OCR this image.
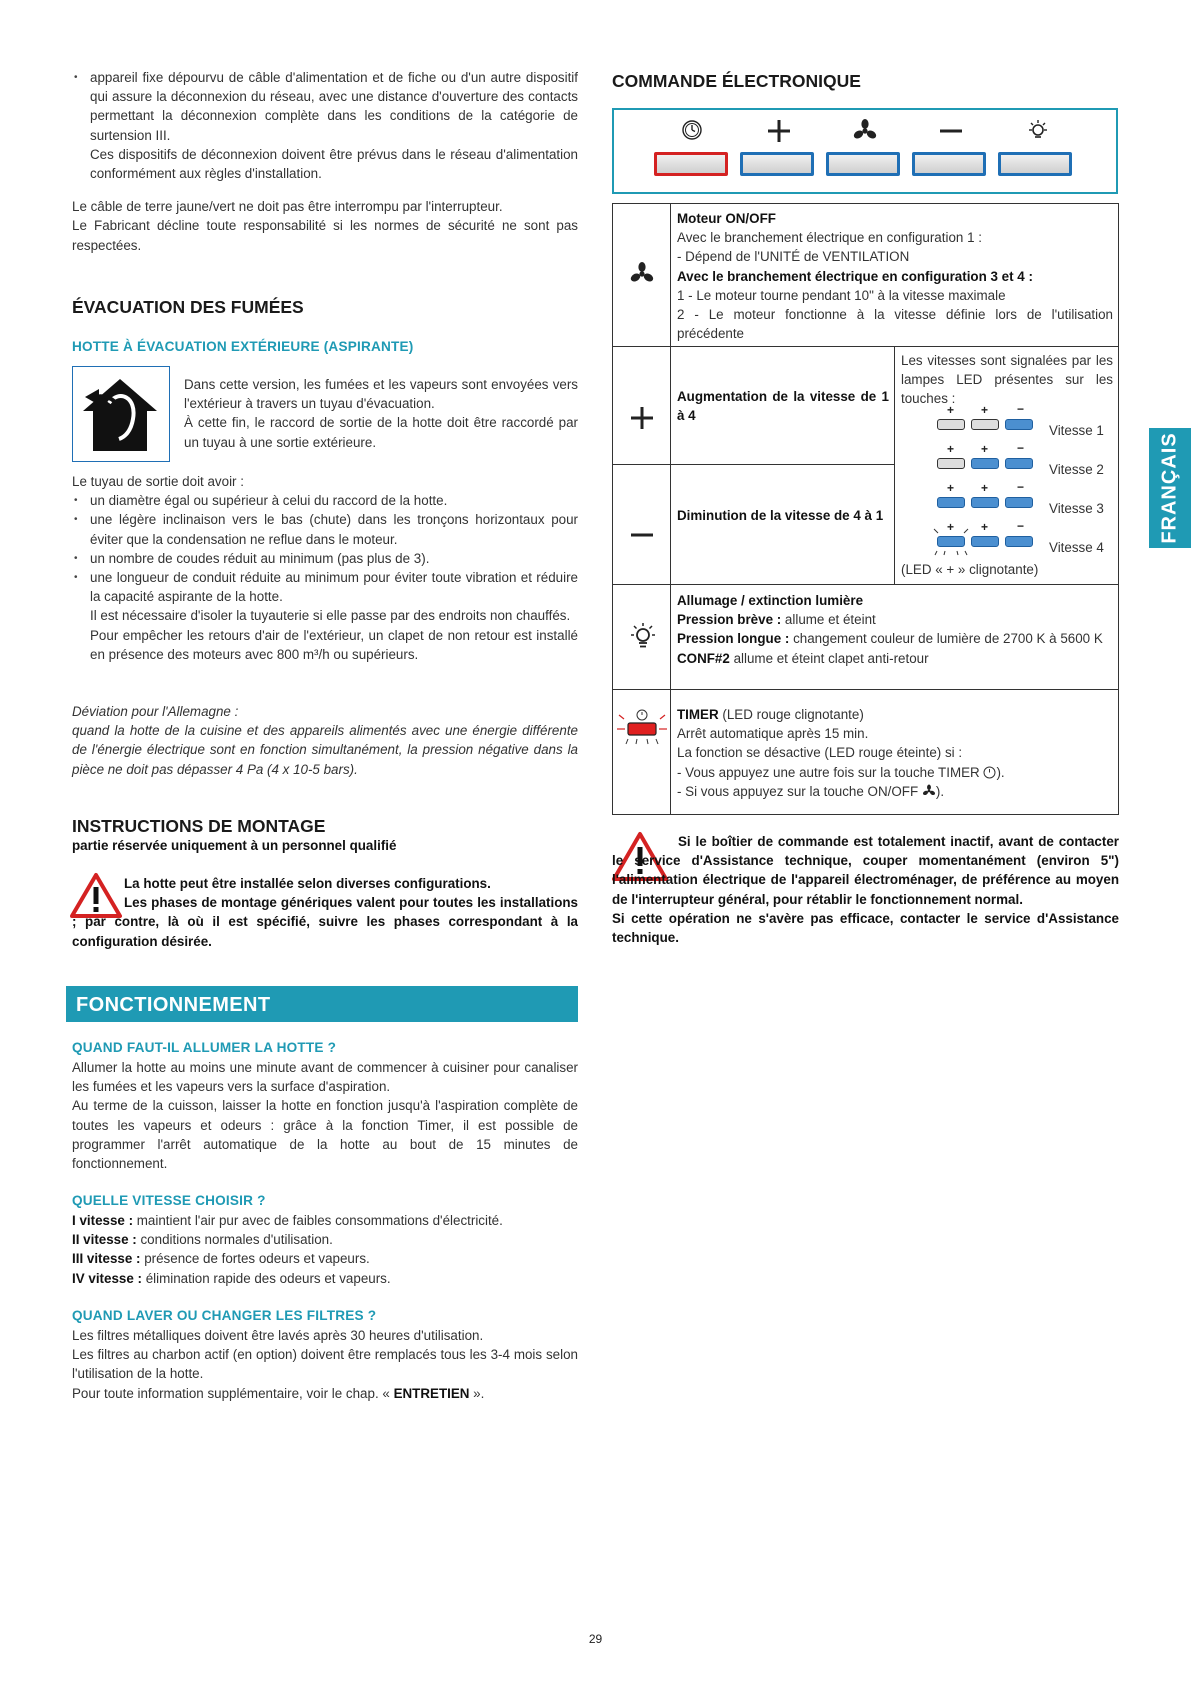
• appareil fixe dépourvu de câble d'alimentation et de fiche ou d'un autre dispositif qui assure la déconnexion du réseau, avec une distance d'ouverture des contacts permettant la déconnexion complète dans les conditions de la catégorie de surtension III.

Ces dispositifs de déconnexion doivent être prévus dans le réseau d'alimentation conformément aux règles d'installation.

Le câble de terre jaune/vert ne doit pas être interrompu par l'interrupteur.

Le Fabricant décline toute responsabilité si les normes de sécurité ne sont pas respectées.

ÉVACUATION DES FUMÉES
HOTTE À ÉVACUATION EXTÉRIEURE (ASPIRANTE)

Dans cette version, les fumées et les vapeurs sont envoyées vers l'extérieur à travers un tuyau d'évacuation.

À cette fin, le raccord de sortie de la hotte doit être raccordé par un tuyau à une sortie extérieure.

Le tuyau de sortie doit avoir :

• un diamètre égal ou supérieur à celui du raccord de la hotte.
• une légère inclinaison vers le bas (chute) dans les tronçons horizontaux pour éviter que la condensation ne reflue dans le moteur.
• un nombre de coudes réduit au minimum (pas plus de 3).
• une longueur de conduit réduite au minimum pour éviter toute vibration et réduire la capacité aspirante de la hotte.

Il est nécessaire d'isoler la tuyauterie si elle passe par des endroits non chauffés.

Pour empêcher les retours d'air de l'extérieur, un clapet de non retour est installé en présence des moteurs avec 800 m³/h ou supérieurs.

Déviation pour l'Allemagne :

quand la hotte de la cuisine et des appareils alimentés avec une énergie différente de l'énergie électrique sont en fonction simultanément, la pression négative dans la pièce ne doit pas dépasser 4 Pa (4 x 10-5 bars).

INSTRUCTIONS DE MONTAGE

partie réservée uniquement à un personnel qualifié

La hotte peut être installée selon diverses configurations.
Les phases de montage génériques valent pour toutes les installations ; par contre, là où il est spécifié, suivre les phases correspondant à la configuration désirée.
FONCTIONNEMENT
QUAND FAUT-IL ALLUMER LA HOTTE ?

Allumer la hotte au moins une minute avant de commencer à cuisiner pour canaliser les fumées et les vapeurs vers la surface d'aspiration.

Au terme de la cuisson, laisser la hotte en fonction jusqu'à l'aspiration complète de toutes les vapeurs et odeurs : grâce à la fonction Timer, il est possible de programmer l'arrêt automatique de la hotte au bout de 15 minutes de fonctionnement.

QUELLE VITESSE CHOISIR ?

I vitesse : maintient l'air pur avec de faibles consommations d'électricité.

II vitesse : conditions normales d'utilisation.

III vitesse : présence de fortes odeurs et vapeurs.

IV vitesse : élimination rapide des odeurs et vapeurs.

QUAND LAVER OU CHANGER LES FILTRES ?

Les filtres métalliques doivent être lavés après 30 heures d'utilisation.

Les filtres au charbon actif (en option) doivent être remplacés tous les 3-4 mois selon l'utilisation de la hotte.

Pour toute information supplémentaire, voir le chap. « ENTRETIEN ».

COMMANDE ÉLECTRONIQUE
Moteur ON/OFF
Avec le branchement électrique en configuration 1 :
- Dépend de l'UNITÉ de VENTILATION
Avec le branchement électrique en configuration 3 et 4 :
1 - Le moteur tourne pendant 10" à la vitesse maximale
2 - Le moteur fonctionne à la vitesse définie lors de l'utilisation précédente
Augmentation de la vitesse de 1 à 4
Diminution de la vitesse de 4 à 1
Les vitesses sont signalées par les lampes LED présentes sur les touches :
+ + −
Vitesse 1
+ + −
Vitesse 2
+ + −
Vitesse 3
+ + −
Vitesse 4
(LED « + » clignotante)
Allumage / extinction lumière
Pression brève : allume et éteint
Pression longue : changement couleur de lumière de 2700 K à 5600 K
CONF#2 allume et éteint clapet anti-retour
TIMER (LED rouge clignotante)
Arrêt automatique après 15 min.
La fonction se désactive (LED rouge éteinte) si :
- Vous appuyez une autre fois sur la touche TIMER ).
- Si vous appuyez sur la touche ON/OFF ).
Si le boîtier de commande est totalement inactif, avant de contacter le service d'Assistance technique, couper momentanément (environ 5") l'alimentation électrique de l'appareil électroménager, de préférence au moyen de l'interrupteur général, pour rétablir le fonctionnement normal.
Si cette opération ne s'avère pas efficace, contacter le service d'Assistance technique.
FRANÇAIS
29
